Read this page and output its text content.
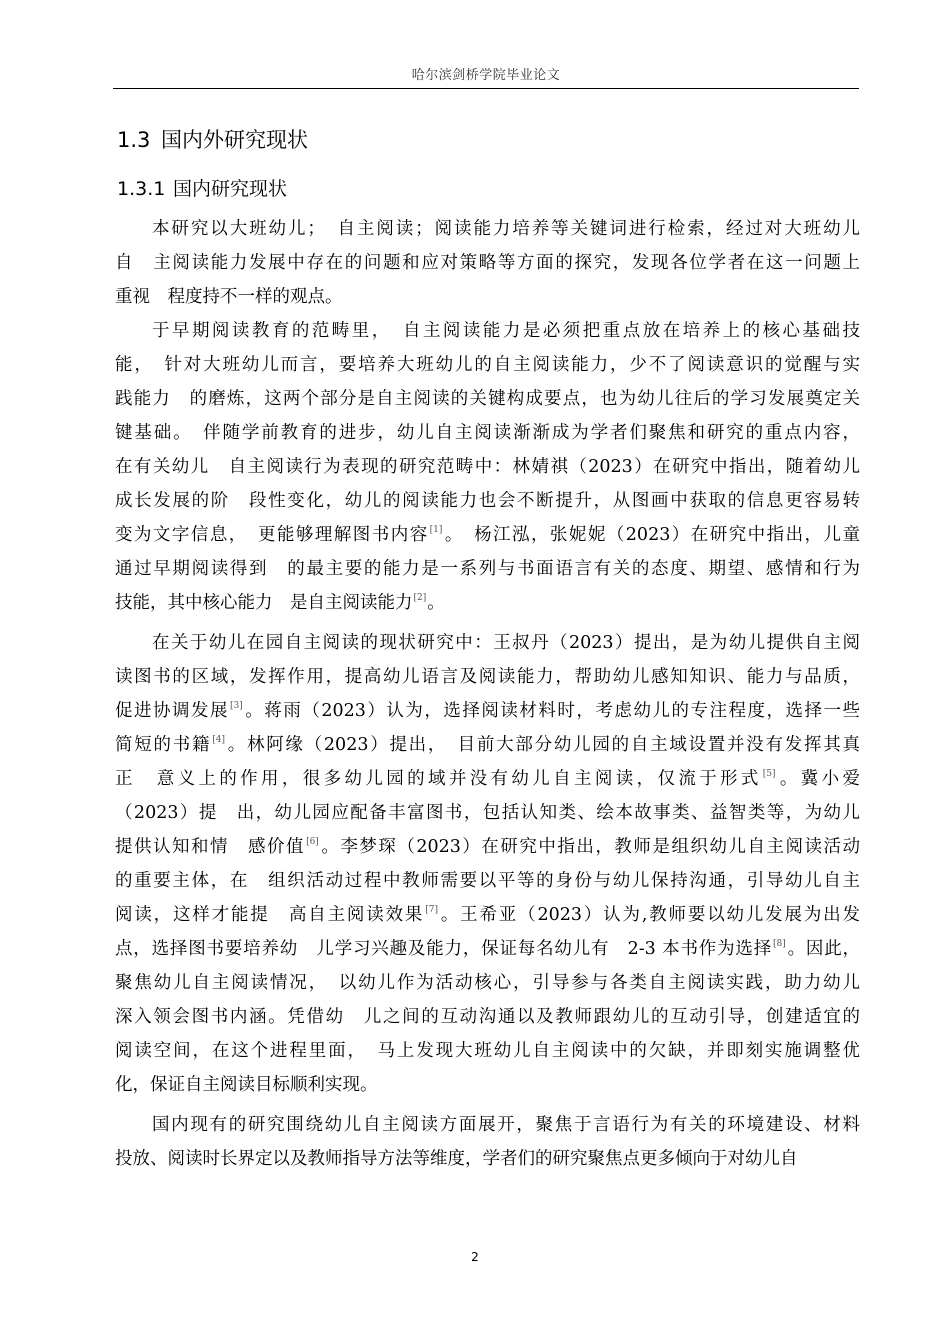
哈尔滨剑桥学院毕业论文
1.3 国内外研究现状
1.3.1 国内研究现状
本研究以大班幼儿；　自主阅读；阅读能力培养等关键词进行检索，经过对大班幼儿
自　主阅读能力发展中存在的问题和应对策略等方面的探究，发现各位学者在这一问题上
重视　程度持不一样的观点。
于早期阅读教育的范畴里，　自主阅读能力是必须把重点放在培养上的核心基础技
能，　针对大班幼儿而言，要培养大班幼儿的自主阅读能力，少不了阅读意识的觉醒与实
践能力　的磨炼，这两个部分是自主阅读的关键构成要点，也为幼儿往后的学习发展奠定关
键基础。　伴随学前教育的进步，幼儿自主阅读渐渐成为学者们聚焦和研究的重点内容，
在有关幼儿　自主阅读行为表现的研究范畴中：林婧祺（2023）在研究中指出，随着幼儿
成长发展的阶　段性变化，幼儿的阅读能力也会不断提升，从图画中获取的信息更容易转
变为文字信息，　更能够理解图书内容[1]。　杨江泓，张妮妮（2023）在研究中指出，儿童
通过早期阅读得到　的最主要的能力是一系列与书面语言有关的态度、期望、感情和行为
技能，其中核心能力　是自主阅读能力[2]。
在关于幼儿在园自主阅读的现状研究中：王叔丹（2023）提出，是为幼儿提供自主阅
读图书的区域，发挥作用，提高幼儿语言及阅读能力，帮助幼儿感知知识、能力与品质，
促进协调发展[3]。蒋雨（2023）认为，选择阅读材料时，考虑幼儿的专注程度，选择一些
简短的书籍[4]。林阿缘（2023）提出，　目前大部分幼儿园的自主域设置并没有发挥其真
正　意义上的作用，很多幼儿园的域并没有幼儿自主阅读，仅流于形式[5]。冀小爱
（2023）提　出，幼儿园应配备丰富图书，包括认知类、绘本故事类、益智类等，为幼儿
提供认知和情　感价值[6]。李梦琛（2023）在研究中指出，教师是组织幼儿自主阅读活动
的重要主体，在　组织活动过程中教师需要以平等的身份与幼儿保持沟通，引导幼儿自主
阅读，这样才能提　高自主阅读效果[7]。王希亚（2023）认为,教师要以幼儿发展为出发
点，选择图书要培养幼　儿学习兴趣及能力，保证每名幼儿有　2-3 本书作为选择[8]。因此，
聚焦幼儿自主阅读情况，　以幼儿作为活动核心，引导参与各类自主阅读实践，助力幼儿
深入领会图书内涵。凭借幼　儿之间的互动沟通以及教师跟幼儿的互动引导，创建适宜的
阅读空间，在这个进程里面，　马上发现大班幼儿自主阅读中的欠缺，并即刻实施调整优
化，保证自主阅读目标顺利实现。
国内现有的研究围绕幼儿自主阅读方面展开，聚焦于言语行为有关的环境建设、材料
投放、阅读时长界定以及教师指导方法等维度，学者们的研究聚焦点更多倾向于对幼儿自
2
